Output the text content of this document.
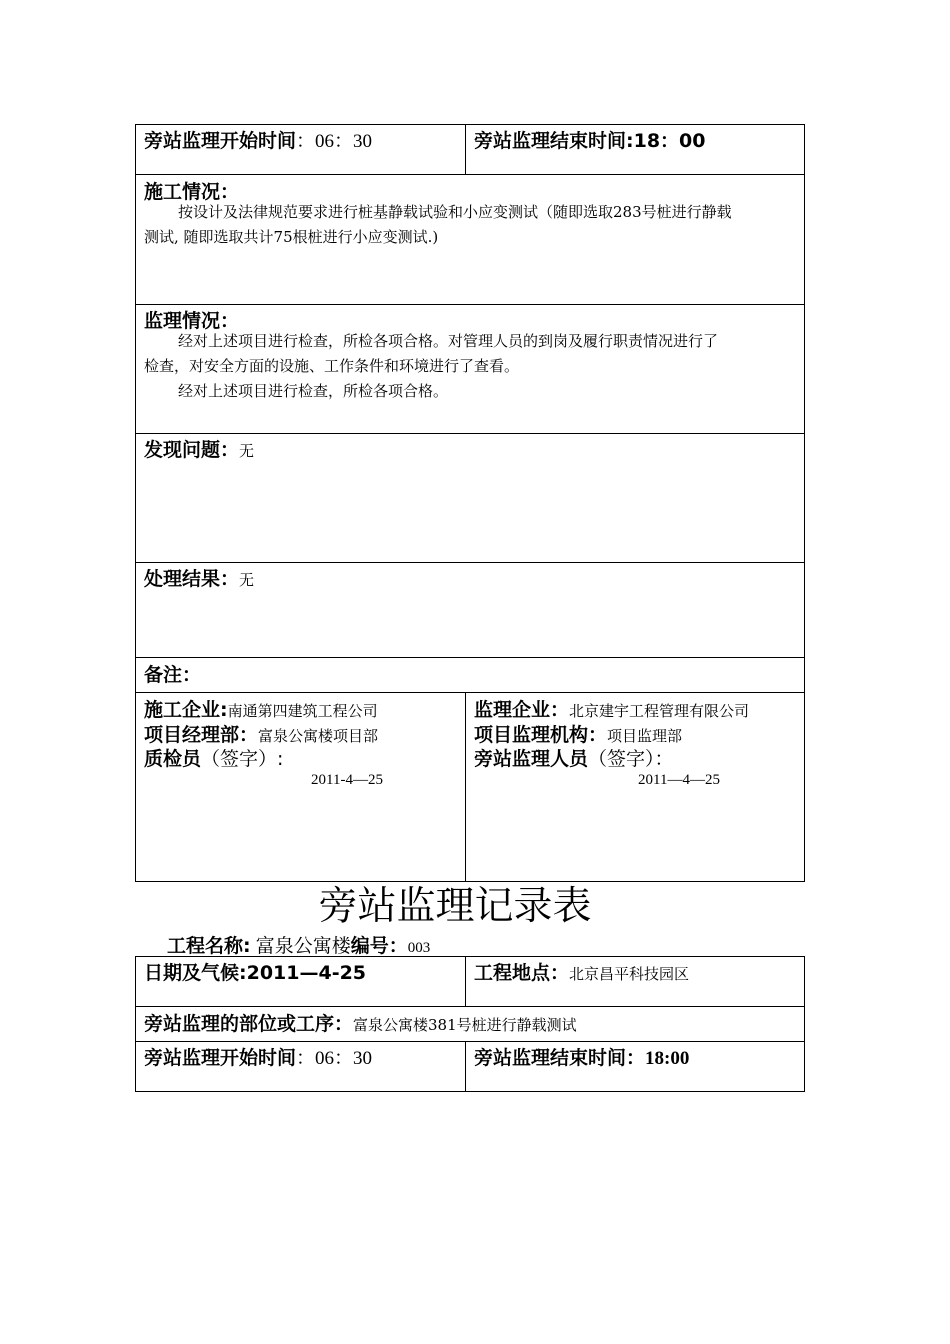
旁站监理开始时间：06：30	旁站监理结束时间:18：00
施工情况：
按设计及法律规范要求进行桩基静载试验和小应变测试（随即选取283号桩进行静载
测试, 随即选取共计75根桩进行小应变测试.)
监理情况：
经对上述项目进行检查，所检各项合格。对管理人员的到岗及履行职责情况进行了
检查，对安全方面的设施、工作条件和环境进行了查看。
经对上述项目进行检查，所检各项合格。
发现问题：无
处理结果：无
备注：
施工企业:南通第四建筑工程公司
项目经理部：富泉公寓楼项目部
质检员（签字）:
2011-4—25
监理企业：北京建宇工程管理有限公司
项目监理机构：项目监理部
旁站监理人员（签字）：
2011—4—25
旁站监理记录表
工程名称: 富泉公寓楼编号：003
日期及气候:2011—4-25	工程地点：北京昌平科技园区
旁站监理的部位或工序：富泉公寓楼381号桩进行静载测试
旁站监理开始时间：06：30	旁站监理结束时间：18:00
